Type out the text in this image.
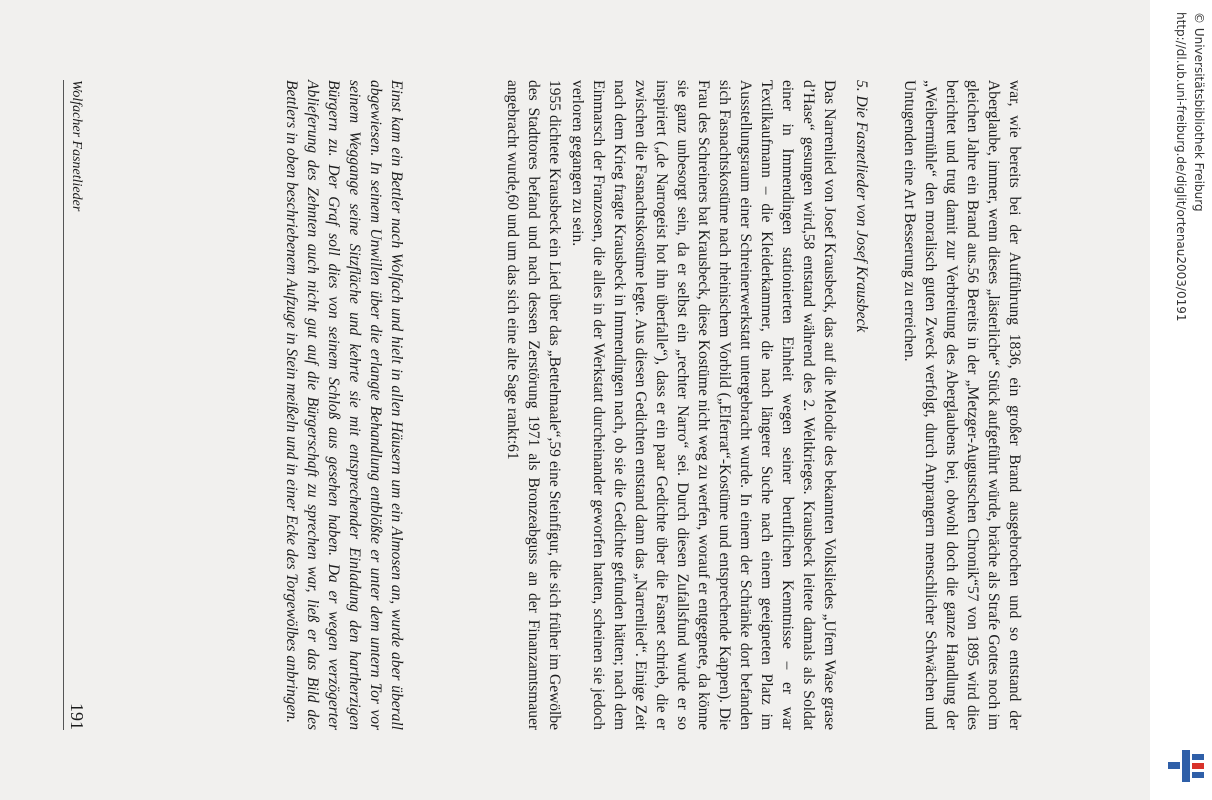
war, wie bereits bei der Aufführung 1836, ein großer Brand ausgebrochen und so entstand der Aberglaube, immer, wenn dieses „lästerliche“ Stück aufgeführt würde, bräche als Strafe Gottes noch im gleichen Jahre ein Brand aus.56 Bereits in der „Metzger-Augustschen Chronik“57 von 1895 wird dies berichtet und trug damit zur Verbreitung des Aberglaubens bei, obwohl doch die ganze Handlung der „Weibermühle“ den moralisch guten Zweck verfolgt, durch Anprangern menschlicher Schwächen und Untugenden eine Art Besserung zu erreichen.
5. Die Fasnetlieder von Josef Krausbeck
Das Narrenlied von Josef Krausbeck, das auf die Melodie des bekannten Volksliedes „Ufem Wase grase d’Hase“ gesungen wird,58 entstand während des 2. Weltkrieges. Krausbeck leitete damals als Soldat einer in Immendingen stationierten Einheit wegen seiner beruflichen Kenntnisse – er war Textilkaufmann – die Kleiderkammer, die nach längerer Suche nach einem geeigneten Platz im Ausstellungsraum einer Schreinerwerkstatt untergebracht wurde. In einem der Schränke dort befanden sich Fasnachtskostüme nach rheinischem Vorbild („Elferrat“-Kostüme und entsprechende Kappen). Die Frau des Schreiners bat Krausbeck, diese Kostüme nicht weg zu werfen, worauf er entgegnete, da könne sie ganz unbesorgt sein, da er selbst ein „rechter Narro“ sei. Durch diesen Zufallsfund wurde er so inspiriert („de Narrogeist hot ihn überfalle“), dass er ein paar Gedichte über die Fasnet schrieb, die er zwischen die Fasnachtskostüme legte. Aus diesen Gedichten entstand dann das „Narrenlied“. Einige Zeit nach dem Krieg fragte Krausbeck in Immendingen nach, ob sie die Gedichte gefunden hätten; nach dem Einmarsch der Franzosen, die alles in der Werkstatt durcheinander geworfen hatten, scheinen sie jedoch verloren gegangen zu sein.
1955 dichtete Krausbeck ein Lied über das „Bettelmaale“,59 eine Steinfigur, die sich früher im Gewölbe des Stadttores befand und nach dessen Zerstörung 1971 als Bronzeabguss an der Finanzamtsmauer angebracht wurde,60 und um das sich eine alte Sage rankt:61
Einst kam ein Bettler nach Wolfach und hielt in allen Häusern um ein Almosen an, wurde aber überall abgewiesen. In seinem Unwillen über die erlangte Behandlung entblößte er unter dem untern Tor vor seinem Weggange seine Sitzfläche und kehrte sie mit entsprechender Einladung den hartherzigen Bürgern zu. Der Graf soll dies von seinem Schloß aus gesehen haben. Da er wegen verzögerter Ablieferung des Zehnten auch nicht gut auf die Bürgerschaft zu sprechen war, ließ er das Bild des Bettlers in oben beschriebenem Aufzuge in Stein meißeln und in einer Ecke des Torgewölbes anbringen.
Wolfacher Fasnetlieder
191
http://dl.ub.uni-freiburg.de/diglit/ortenau2003/0191 © Universitätsbibliothek Freiburg
